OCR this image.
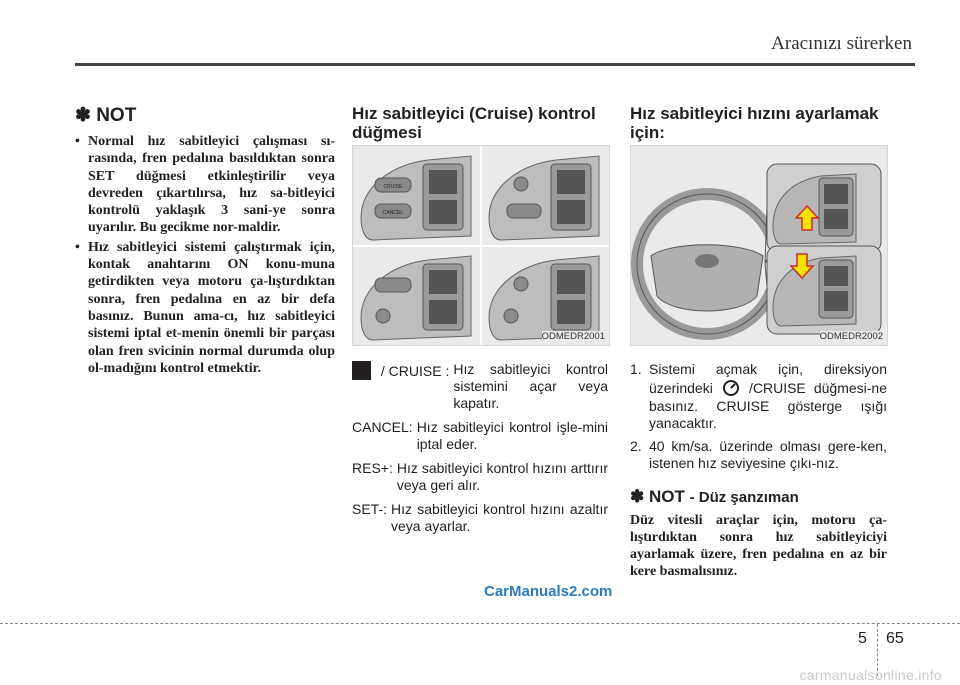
Aracınızı sürerken
✽ NOT
• Normal hız sabitleyici çalışması sı-rasında, fren pedalına basıldıktan sonra SET düğmesi etkinleştirilir veya devreden çıkartılırsa, hız sa-bitleyici kontrolü yaklaşık 3 sani-ye sonra uyarılır. Bu gecikme nor-maldir.
• Hız sabitleyici sistemi çalıştırmak için, kontak anahtarını ON konu-muna getirdikten veya motoru ça-lıştırdıktan sonra, fren pedalına en az bir defa basınız. Bunun ama-cı, hız sabitleyici sistemi iptal et-menin önemli bir parçası olan fren svicinin normal durumda olup ol-madığını kontrol etmektir.
Hız sabitleyici (Cruise) kontrol düğmesi
CRUISE
CANCEL
ODMEDR2001
/ CRUISE : Hız sabitleyici kontrol sistemini açar veya kapatır.
CANCEL: Hız sabitleyici kontrol işle-mini iptal eder.
RES+: Hız sabitleyici kontrol hızını arttırır veya geri alır.
SET-: Hız sabitleyici kontrol hızını azaltır veya ayarlar.
Hız sabitleyici hızını ayarlamak için:
ODMEDR2002
1. Sistemi açmak için, direksiyon üzerindeki	/CRUISE düğmesi-ne basınız. CRUISE gösterge ışığı yanacaktır.
2. 40 km/sa. üzerinde olması gere-ken, istenen hız seviyesine çıkı-nız.
✽ NOT - Düz şanzıman
Düz vitesli araçlar için, motoru ça-lıştırdıktan sonra hız sabitleyiciyi ayarlamak üzere, fren pedalına en az bir kere basmalısınız.
CarManuals2.com
5 65
carmanualsonline.info
